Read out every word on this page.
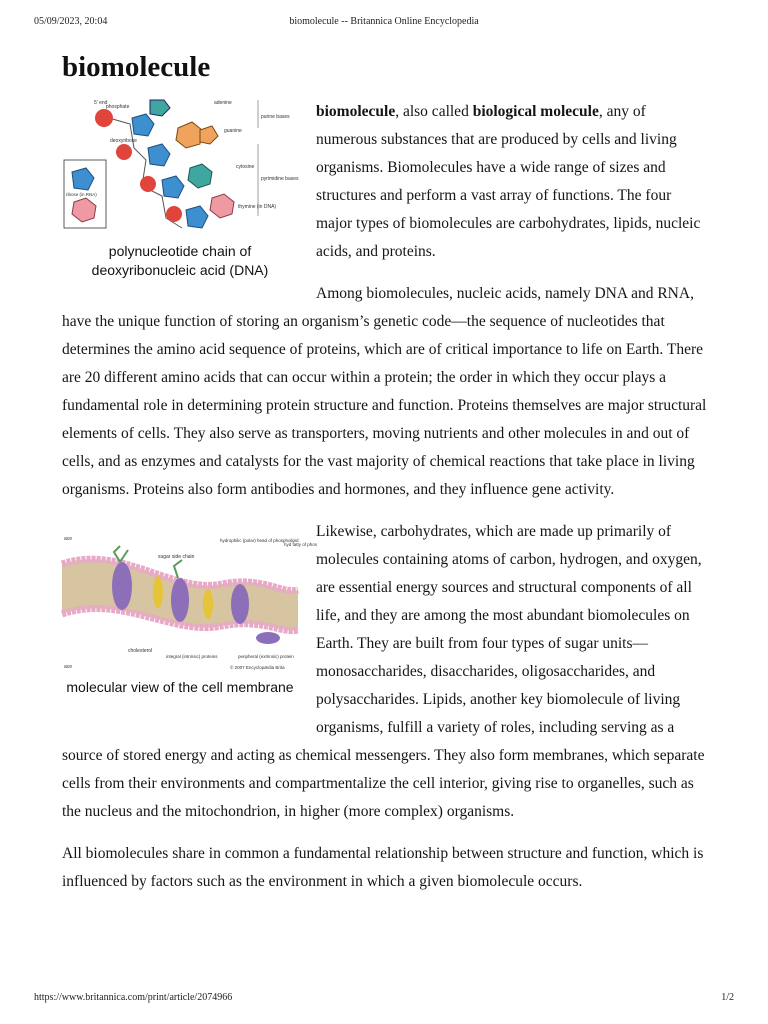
05/09/2023, 20:04	biomolecule -- Britannica Online Encyclopedia
biomolecule
5' end
phosphate
adenine
purine bases
guanine
deoxyribose
ribose (in RNA)
cytosine
pyrimidine bases
thymine (in DNA)
polynucleotide chain of deoxyribonucleic acid (DNA)

biomolecule, also called biological molecule, any of numerous substances that are produced by cells and living organisms. Biomolecules have a wide range of sizes and structures and perform a vast array of functions. The four major types of biomolecules are carbohydrates, lipids, nucleic acids, and proteins.

Among biomolecules, nucleic acids, namely DNA and RNA, have the unique function of storing an organism’s genetic code—the sequence of nucleotides that determines the amino acid sequence of proteins, which are of critical importance to life on Earth. There are 20 different amino acids that can occur within a protein; the order in which they occur plays a fundamental role in determining protein structure and function. Proteins themselves are major structural elements of cells. They also serve as transporters, moving nutrients and other molecules in and out of cells, and as enzymes and catalysts for the vast majority of chemical reactions that take place in living organisms. Proteins also form antibodies and hormones, and they influence gene activity.

ace
sugar side chain
hydrophilic (polar) head of phospholipid
hyd fatty of phos
cholesterol
integral (intrinsic) proteins	peripheral (extrinsic) protein
ace	© 2007 Encyclopædia Brita
molecular view of the cell membrane

Likewise, carbohydrates, which are made up primarily of molecules containing atoms of carbon, hydrogen, and oxygen, are essential energy sources and structural components of all life, and they are among the most abundant biomolecules on Earth. They are built from four types of sugar units—monosaccharides, disaccharides, oligosaccharides, and polysaccharides. Lipids, another key biomolecule of living organisms, fulfill a variety of roles, including serving as a source of stored energy and acting as chemical messengers. They also form membranes, which separate cells from their environments and compartmentalize the cell interior, giving rise to organelles, such as the nucleus and the mitochondrion, in higher (more complex) organisms.

All biomolecules share in common a fundamental relationship between structure and function, which is influenced by factors such as the environment in which a given biomolecule occurs.

https://www.britannica.com/print/article/2074966	1/2
